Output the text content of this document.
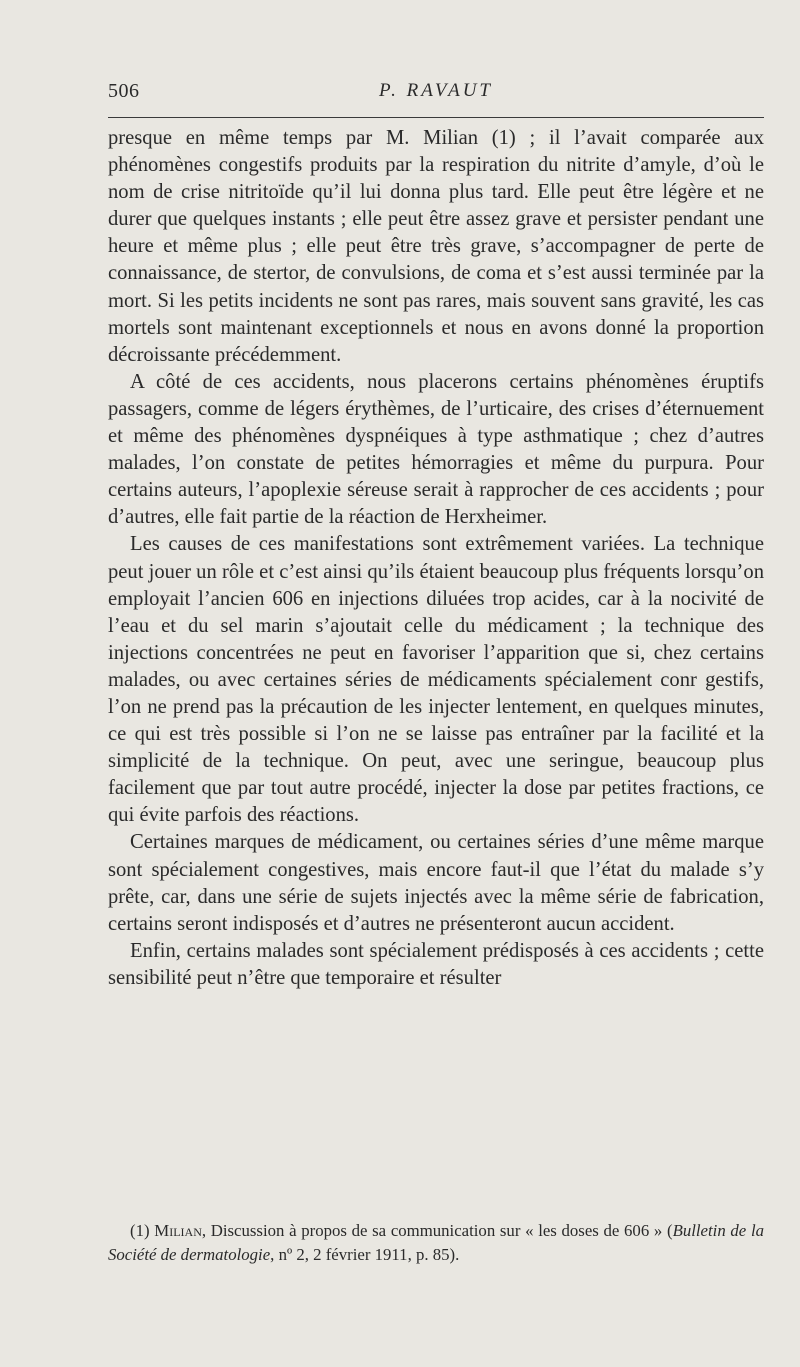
506	P. RAVAUT

presque en même temps par M. Milian (1) ; il l’avait comparée aux phénomènes congestifs produits par la respiration du nitrite d’amyle, d’où le nom de crise nitritoïde qu’il lui donna plus tard. Elle peut être légère et ne durer que quelques instants ; elle peut être assez grave et persister pendant une heure et même plus ; elle peut être très grave, s’accompagner de perte de connaissance, de stertor, de convulsions, de coma et s’est aussi terminée par la mort. Si les petits incidents ne sont pas rares, mais souvent sans gravité, les cas mortels sont maintenant exceptionnels et nous en avons donné la proportion décroissante précédemment.

A côté de ces accidents, nous placerons certains phénomènes éruptifs passagers, comme de légers érythèmes, de l’urticaire, des crises d’éternuement et même des phénomènes dyspnéiques à type asthmatique ; chez d’autres malades, l’on constate de petites hémorragies et même du purpura. Pour certains auteurs, l’apoplexie séreuse serait à rapprocher de ces accidents ; pour d’autres, elle fait partie de la réaction de Herxheimer.

Les causes de ces manifestations sont extrêmement variées. La technique peut jouer un rôle et c’est ainsi qu’ils étaient beaucoup plus fréquents lorsqu’on employait l’ancien 606 en injections diluées trop acides, car à la nocivité de l’eau et du sel marin s’ajoutait celle du médicament ; la technique des injections concentrées ne peut en favoriser l’apparition que si, chez certains malades, ou avec certaines séries de médicaments spécialement conr gestifs, l’on ne prend pas la précaution de les injecter lentement, en quelques minutes, ce qui est très possible si l’on ne se laisse pas entraîner par la facilité et la simplicité de la technique. On peut, avec une seringue, beaucoup plus facilement que par tout autre procédé, injecter la dose par petites fractions, ce qui évite parfois des réactions.

Certaines marques de médicament, ou certaines séries d’une même marque sont spécialement congestives, mais encore faut-il que l’état du malade s’y prête, car, dans une série de sujets injectés avec la même série de fabrication, certains seront indisposés et d’autres ne présenteront aucun accident.

Enfin, certains malades sont spécialement prédisposés à ces accidents ; cette sensibilité peut n’être que temporaire et résulter

(1) Milian, Discussion à propos de sa communication sur « les doses de 606 » (Bulletin de la Société de dermatologie, nº 2, 2 février 1911, p. 85).
